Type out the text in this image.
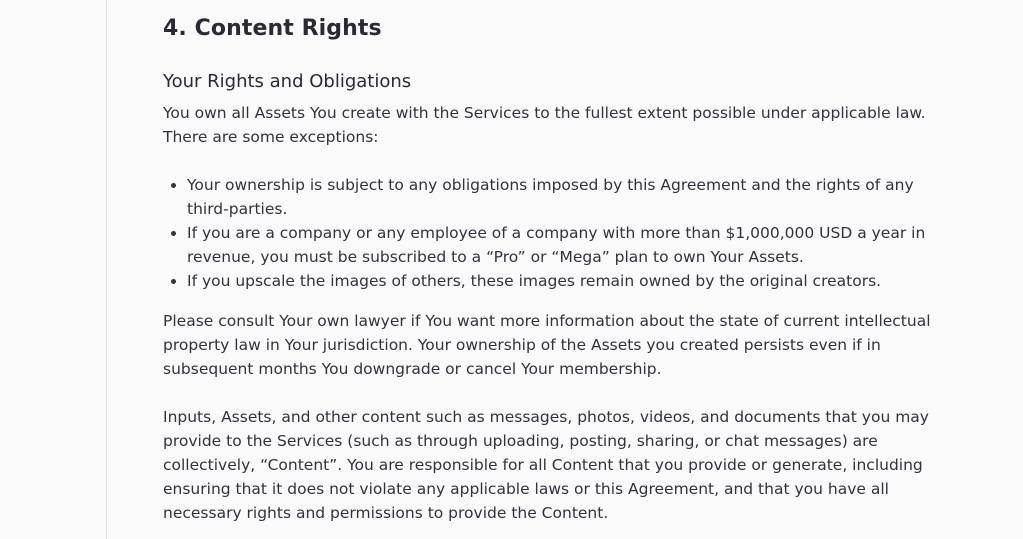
4. Content Rights
Your Rights and Obligations

You own all Assets You create with the Services to the fullest extent possible under applicable law.
There are some exceptions:

• Your ownership is subject to any obligations imposed by this Agreement and the rights of any
third-parties.
• If you are a company or any employee of a company with more than $1,000,000 USD a year in
revenue, you must be subscribed to a “Pro” or “Mega” plan to own Your Assets.
• If you upscale the images of others, these images remain owned by the original creators.

Please consult Your own lawyer if You want more information about the state of current intellectual
property law in Your jurisdiction. Your ownership of the Assets you created persists even if in
subsequent months You downgrade or cancel Your membership.

Inputs, Assets, and other content such as messages, photos, videos, and documents that you may
provide to the Services (such as through uploading, posting, sharing, or chat messages) are
collectively, “Content”. You are responsible for all Content that you provide or generate, including
ensuring that it does not violate any applicable laws or this Agreement, and that you have all
necessary rights and permissions to provide the Content.
